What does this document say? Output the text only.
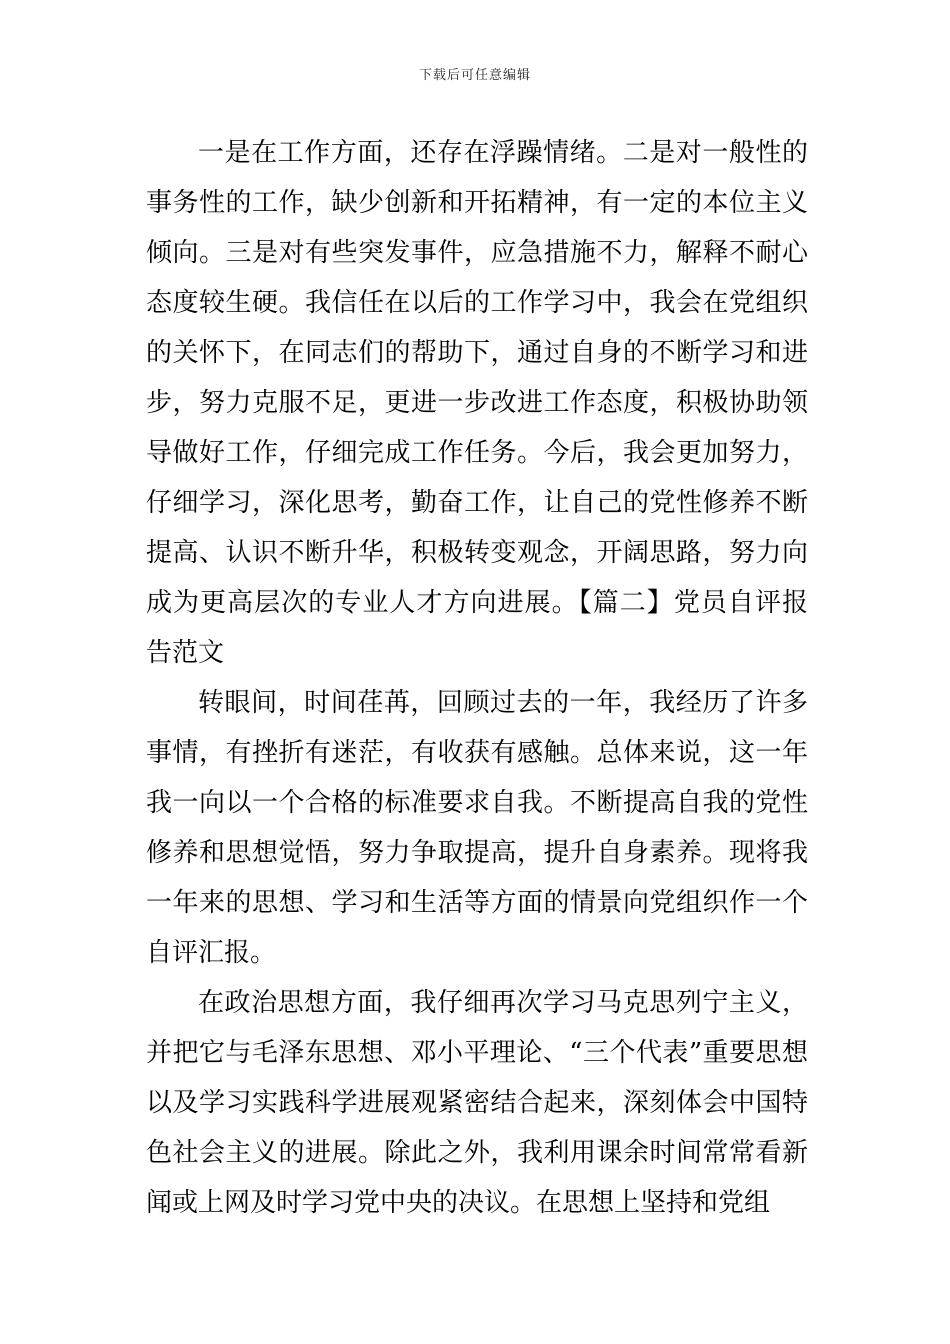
下载后可任意编辑

一是在工作方面，还存在浮躁情绪。二是对一般性的事务性的工作，缺少创新和开拓精神，有一定的本位主义倾向。三是对有些突发事件，应急措施不力，解释不耐心态度较生硬。我信任在以后的工作学习中，我会在党组织的关怀下，在同志们的帮助下，通过自身的不断学习和进步，努力克服不足，更进一步改进工作态度，积极协助领导做好工作，仔细完成工作任务。今后，我会更加努力，仔细学习，深化思考，勤奋工作，让自己的党性修养不断提高、认识不断升华，积极转变观念，开阔思路，努力向成为更高层次的专业人才方向进展。【篇二】党员自评报告范文

转眼间，时间荏苒，回顾过去的一年，我经历了许多事情，有挫折有迷茫，有收获有感触。总体来说，这一年我一向以一个合格的标准要求自我。不断提高自我的党性修养和思想觉悟，努力争取提高，提升自身素养。现将我一年来的思想、学习和生活等方面的情景向党组织作一个自评汇报。

在政治思想方面，我仔细再次学习马克思列宁主义，并把它与毛泽东思想、邓小平理论、“三个代表”重要思想以及学习实践科学进展观紧密结合起来，深刻体会中国特色社会主义的进展。除此之外，我利用课余时间常常看新闻或上网及时学习党中央的决议。在思想上坚持和党组
